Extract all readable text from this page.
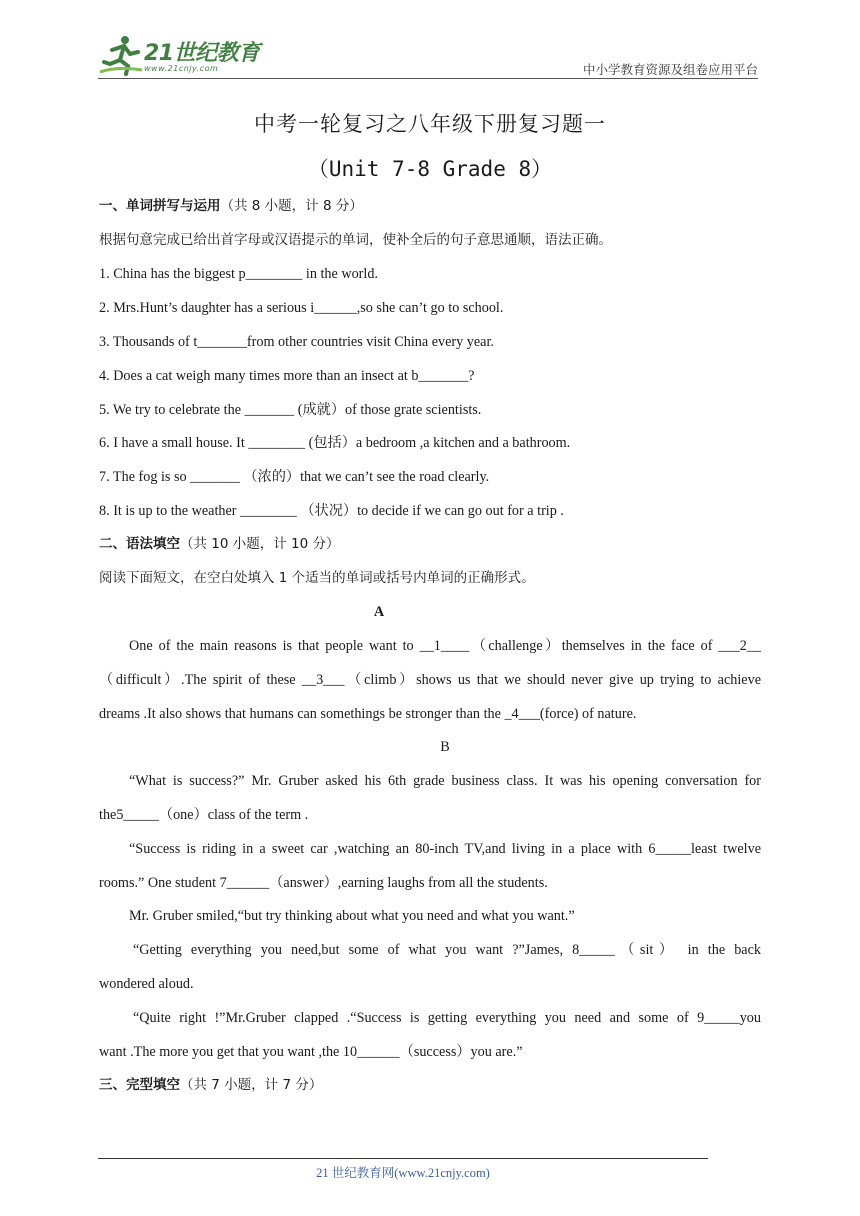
21世纪教育
www.21cnjy.com	中小学教育资源及组卷应用平台
中考一轮复习之八年级下册复习题一
（Unit 7-8 Grade 8）
一、单词拼写与运用（共 8 小题，计 8 分）
根据句意完成已给出首字母或汉语提示的单词，使补全后的句子意思通顺，语法正确。
1. China has the biggest p________ in the world.
2. Mrs.Hunt’s daughter has a serious i______,so she can’t go to school.
3. Thousands of t_______from other countries visit China every year.
4. Does a cat weigh many times more than an insect at b_______?
5. We try to celebrate the _______ (成就）of those grate scientists.
6. I have a small house. It ________ (包括）a bedroom ,a kitchen and a bathroom.
7. The fog is so _______ （浓的）that we can’t see the road clearly.
8. It is up to the weather ________ （状况）to decide if we can go out for a trip .
二、语法填空（共 10 小题，计 10 分）
阅读下面短文，在空白处填入 1 个适当的单词或括号内单词的正确形式。
A
One of the main reasons is that people want to __1____（challenge）themselves in the face of ___2__
（difficult）.The spirit of these __3___（climb）shows us that we should never give up trying to achieve
dreams .It also shows that humans can somethings be stronger than the _4___(force) of nature.
B
“What is success?” Mr. Gruber asked his 6th grade business class. It was his opening conversation for
the5_____（one）class of the term .
“Success is riding in a sweet car ,watching an 80-inch TV,and living in a place with 6_____least twelve
rooms.” One student 7______（answer）,earning laughs from all the students.
Mr. Gruber smiled,“but try thinking about what you need and what you want.”
“Getting everything you need,but some of what you want ?”James, 8_____（sit） in the back
wondered aloud.
“Quite right !”Mr.Gruber clapped .“Success is getting everything you need and some of 9_____you
want .The more you get that you want ,the 10______（success）you are.”
三、完型填空（共 7 小题，计 7 分）
21 世纪教育网(www.21cnjy.com)
